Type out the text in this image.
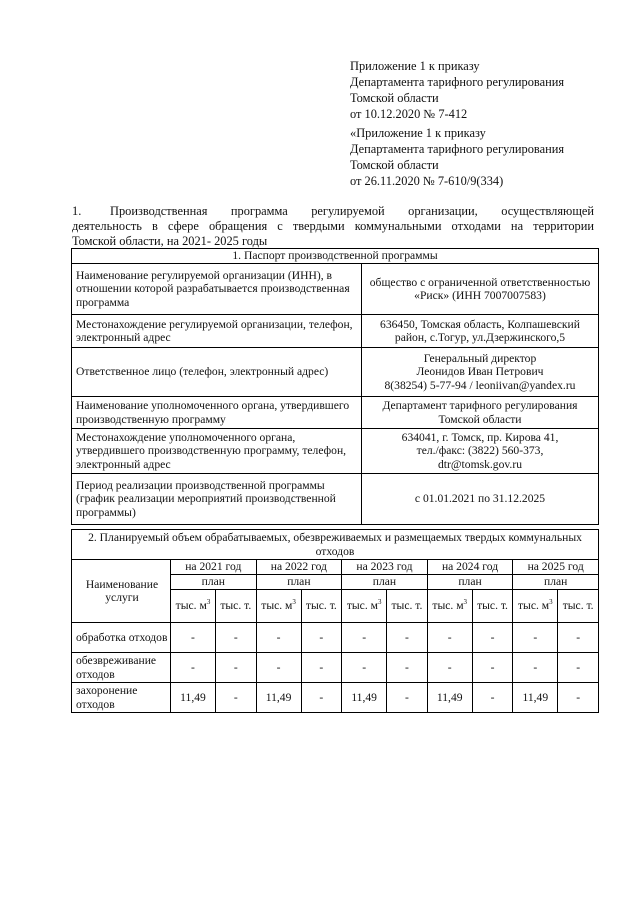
Приложение 1 к приказу
Департамента тарифного регулирования
Томской области
от 10.12.2020 № 7-412
«Приложение 1 к приказу
Департамента тарифного регулирования
Томской области
от 26.11.2020 № 7-610/9(334)
1. Производственная программа регулируемой организации, осуществляющей
деятельность в сфере обращения с твердыми коммунальными отходами на территории
Томской области, на 2021- 2025 годы
1. Паспорт производственной программы	
Наименование регулируемой организации (ИНН), в отношении которой разрабатывается производственная программа	общество с ограниченной ответственностью «Риск» (ИНН 7007007583)
Местонахождение регулируемой организации, телефон, электронный адрес	636450, Томская область, Колпашевский район, с.Тогур, ул.Дзержинского,5
Ответственное лицо (телефон, электронный адрес)	Генеральный директор
Леонидов Иван Петрович
8(38254) 5-77-94 / leoniivan@yandex.ru

Наименование уполномоченного органа, утвердившего производственную программу	Департамент тарифного регулирования Томской области
Местонахождение уполномоченного органа, утвердившего производственную программу, телефон, электронный адрес	634041, г. Томск, пр. Кирова 41,
тел./факс: (3822) 560-373,
dtr@tomsk.gov.ru

Период реализации производственной программы (график реализации мероприятий производственной программы)	с 01.01.2021 по 31.12.2025
2. Планируемый объем обрабатываемых, обезвреживаемых и размещаемых твердых коммунальных отходов										
Наименование услуги	на 2021 год		на 2022 год		на 2023 год		на 2024 год		на 2025 год	
	план		план		план		план		план	
	тыс. $м^3$	тыс. т.	тыс. $м^3$	тыс. т.	тыс. $м^3$	тыс. т.	тыс. $м^3$	тыс. т.	тыс. $м^3$	тыс. т.
обработка отходов	-	-	-	-	-	-	-	-	-	-
обезвреживание отходов	-	-	-	-	-	-	-	-	-	-
захоронение отходов	11,49	-	11,49	-	11,49	-	11,49	-	11,49	-
